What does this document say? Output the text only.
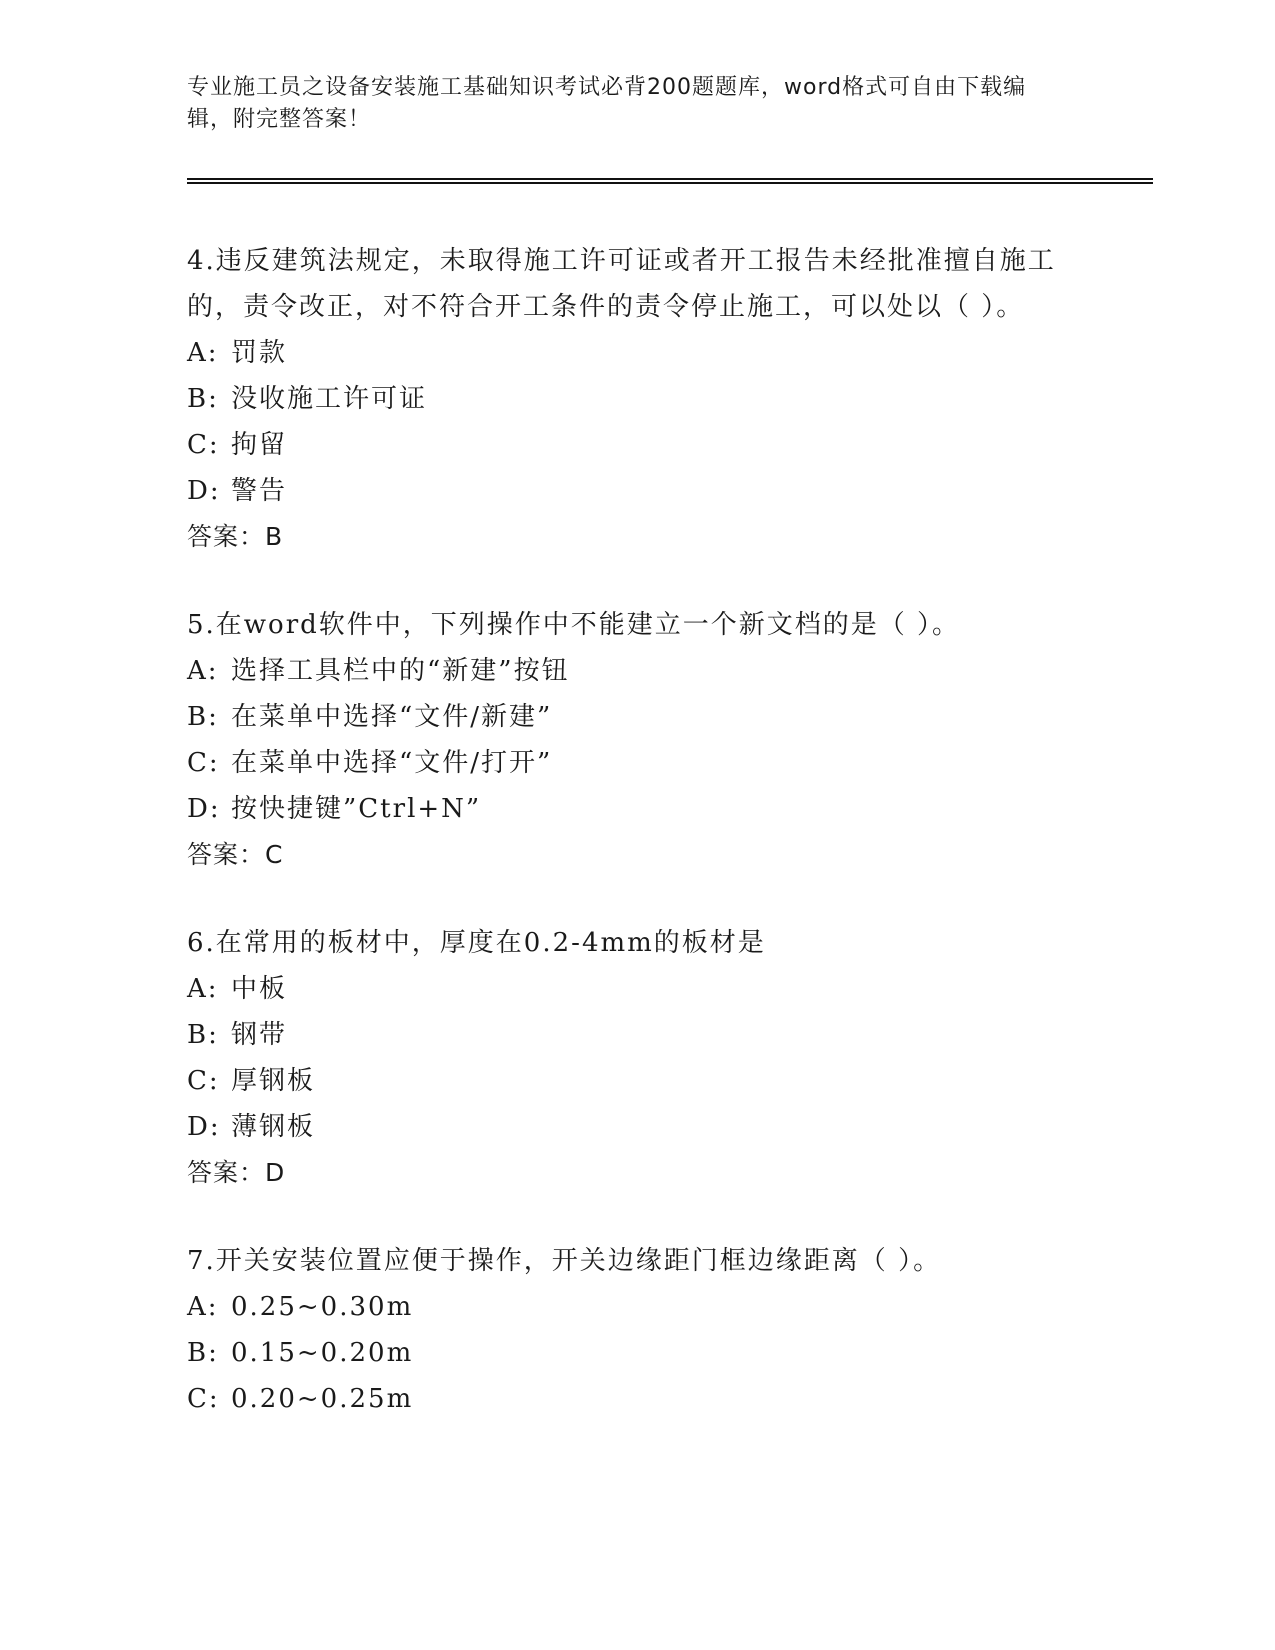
专业施工员之设备安装施工基础知识考试必背200题题库，word格式可自由下载编辑，附完整答案！

4.违反建筑法规定，未取得施工许可证或者开工报告未经批准擅自施工的，责令改正，对不符合开工条件的责令停止施工，可以处以（ ）。

A: 罚款

B: 没收施工许可证

C: 拘留

D: 警告

答案：B

5.在word软件中，下列操作中不能建立一个新文档的是（ ）。

A: 选择工具栏中的“新建”按钮

B: 在菜单中选择“文件/新建”

C: 在菜单中选择“文件/打开”

D: 按快捷键”Ctrl+N”

答案：C

6.在常用的板材中，厚度在0.2-4mm的板材是

A: 中板

B: 钢带

C: 厚钢板

D: 薄钢板

答案：D

7.开关安装位置应便于操作，开关边缘距门框边缘距离（ ）。

A: 0.25~0.30m

B: 0.15~0.20m

C: 0.20~0.25m
